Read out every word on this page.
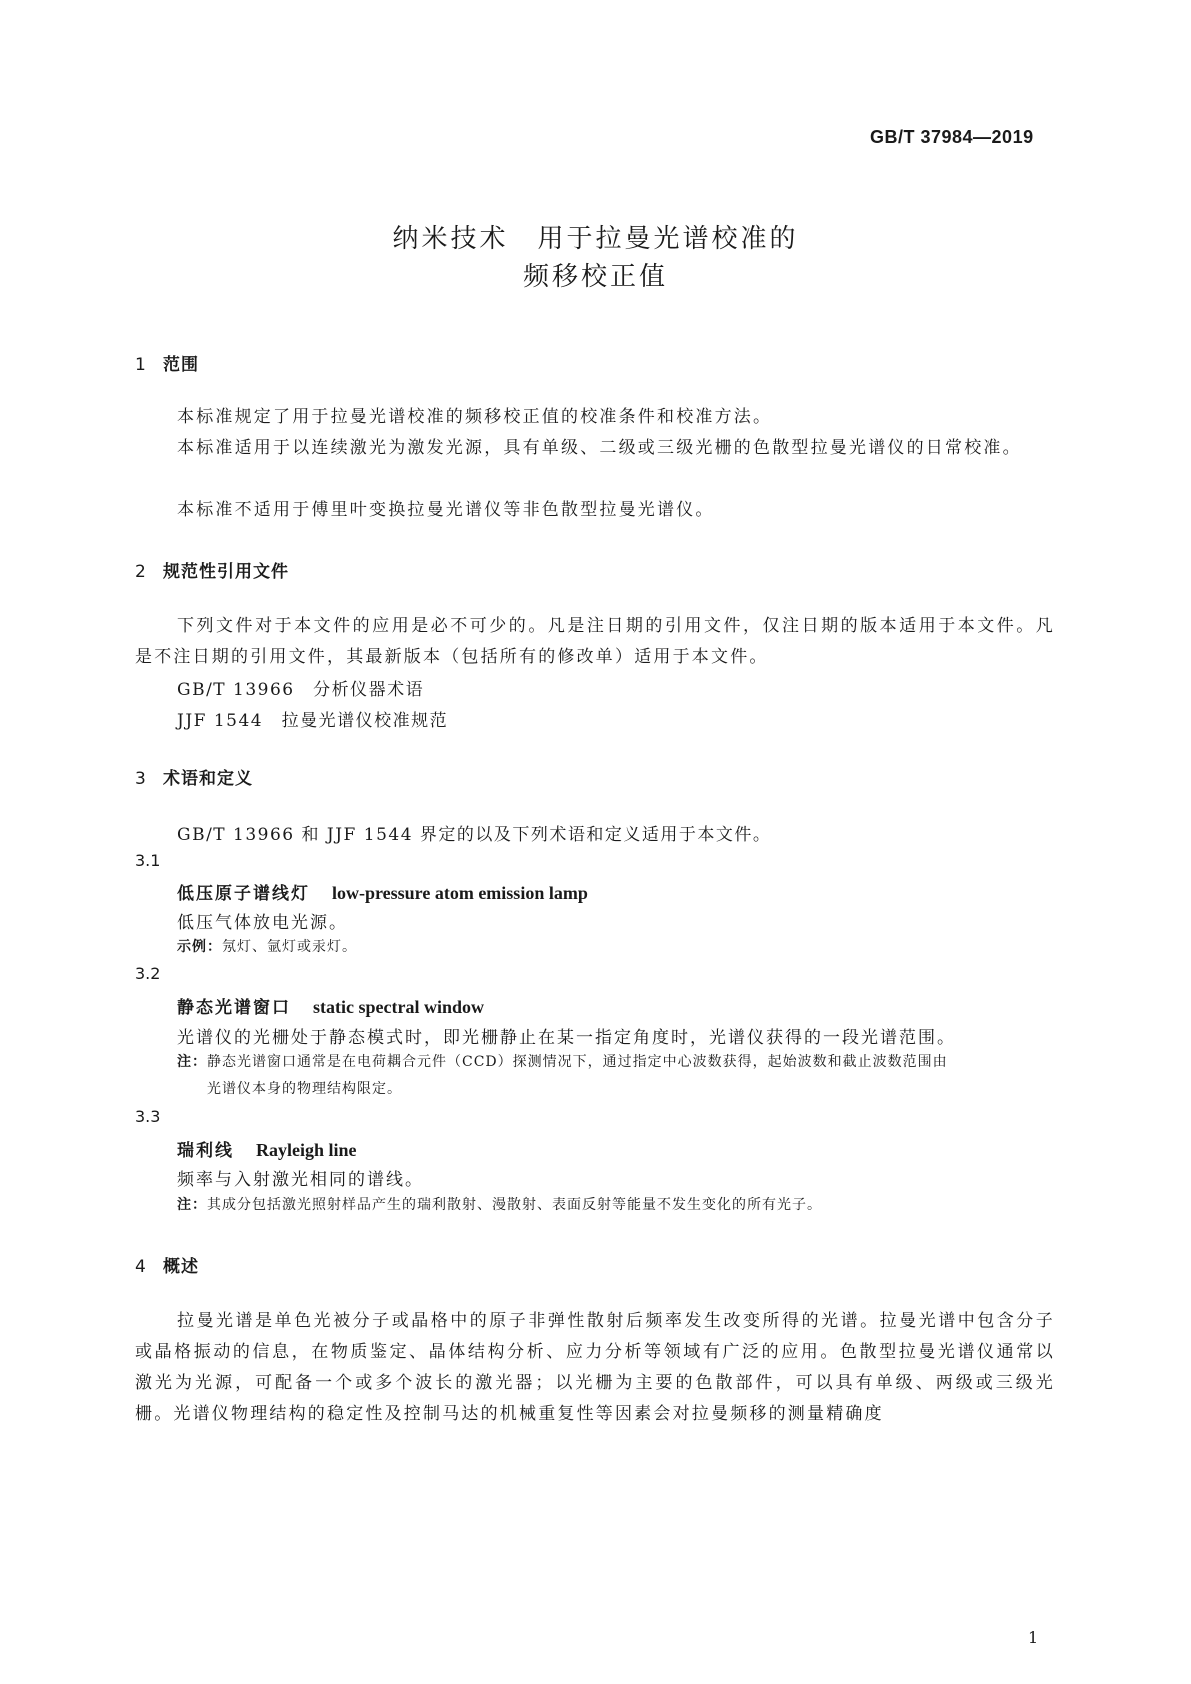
GB/T 37984—2019
纳米技术　用于拉曼光谱校准的
频移校正值
1 范围
本标准规定了用于拉曼光谱校准的频移校正值的校准条件和校准方法。
本标准适用于以连续激光为激发光源，具有单级、二级或三级光栅的色散型拉曼光谱仪的日常校准。
本标准不适用于傅里叶变换拉曼光谱仪等非色散型拉曼光谱仪。
2 规范性引用文件
下列文件对于本文件的应用是必不可少的。凡是注日期的引用文件，仅注日期的版本适用于本文件。凡是不注日期的引用文件，其最新版本（包括所有的修改单）适用于本文件。
GB/T 13966　分析仪器术语
JJF 1544　拉曼光谱仪校准规范
3 术语和定义
GB/T 13966 和 JJF 1544 界定的以及下列术语和定义适用于本文件。
3.1
低压原子谱线灯 low-pressure atom emission lamp
低压气体放电光源。
示例：氖灯、氩灯或汞灯。
3.2
静态光谱窗口 static spectral window
光谱仪的光栅处于静态模式时，即光栅静止在某一指定角度时，光谱仪获得的一段光谱范围。
注：静态光谱窗口通常是在电荷耦合元件（CCD）探测情况下，通过指定中心波数获得，起始波数和截止波数范围由
光谱仪本身的物理结构限定。
3.3
瑞利线 Rayleigh line
频率与入射激光相同的谱线。
注：其成分包括激光照射样品产生的瑞利散射、漫散射、表面反射等能量不发生变化的所有光子。
4 概述
拉曼光谱是单色光被分子或晶格中的原子非弹性散射后频率发生改变所得的光谱。拉曼光谱中包含分子或晶格振动的信息，在物质鉴定、晶体结构分析、应力分析等领域有广泛的应用。色散型拉曼光谱仪通常以激光为光源，可配备一个或多个波长的激光器；以光栅为主要的色散部件，可以具有单级、两级或三级光栅。光谱仪物理结构的稳定性及控制马达的机械重复性等因素会对拉曼频移的测量精确度
1
